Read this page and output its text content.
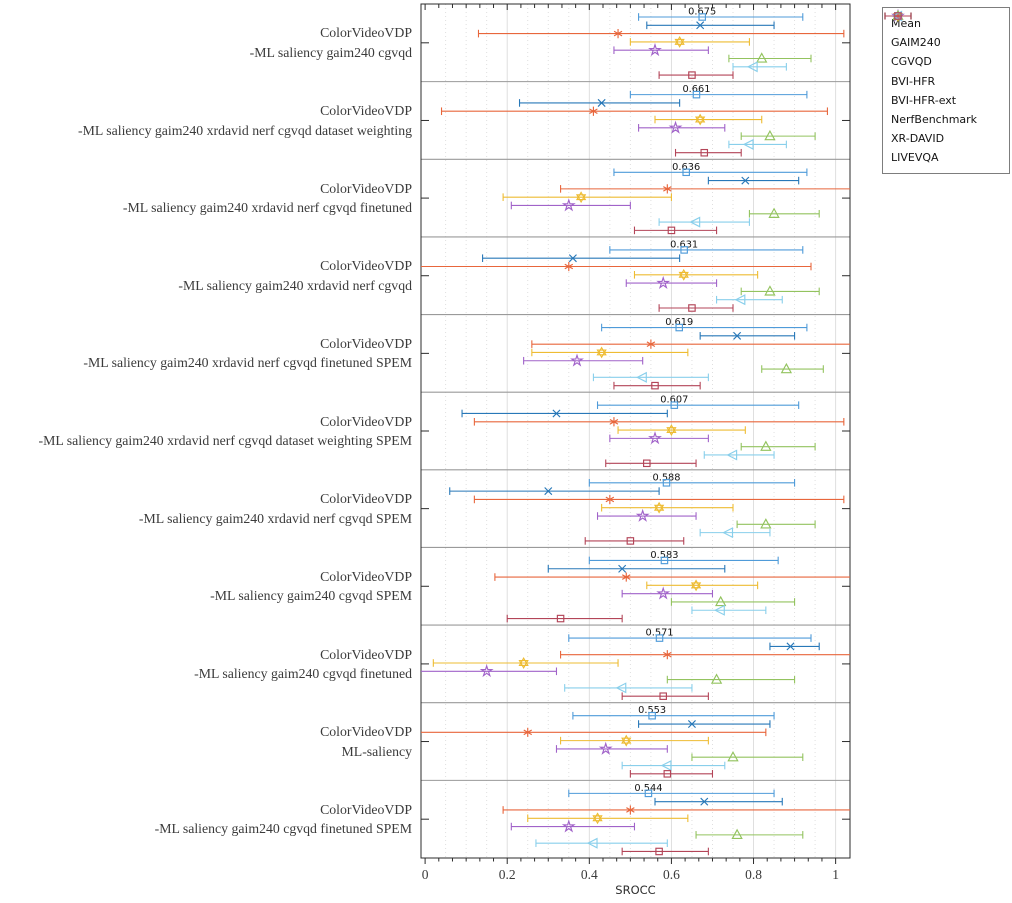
0	0.2	0.4	0.6	0.8	1
0.675
0.661
0.636
0.631
0.619
0.607
0.588
0.583
0.571
0.553
0.544
ColorVideoVDP
-ML saliency gaim240 cgvqd
ColorVideoVDP
-ML saliency gaim240 xrdavid nerf cgvqd dataset weighting
ColorVideoVDP
-ML saliency gaim240 xrdavid nerf cgvqd finetuned
ColorVideoVDP
-ML saliency gaim240 xrdavid nerf cgvqd
ColorVideoVDP
-ML saliency gaim240 xrdavid nerf cgvqd finetuned SPEM
ColorVideoVDP
-ML saliency gaim240 xrdavid nerf cgvqd dataset weighting SPEM
ColorVideoVDP
-ML saliency gaim240 xrdavid nerf cgvqd SPEM
ColorVideoVDP
-ML saliency gaim240 cgvqd SPEM
ColorVideoVDP
-ML saliency gaim240 cgvqd finetuned
ColorVideoVDP
ML-saliency
ColorVideoVDP
-ML saliency gaim240 cgvqd finetuned SPEM
SROCC
Mean
GAIM240
CGVQD
BVI-HFR
BVI-HFR-ext
NerfBenchmark
XR-DAVID
LIVEVQA
